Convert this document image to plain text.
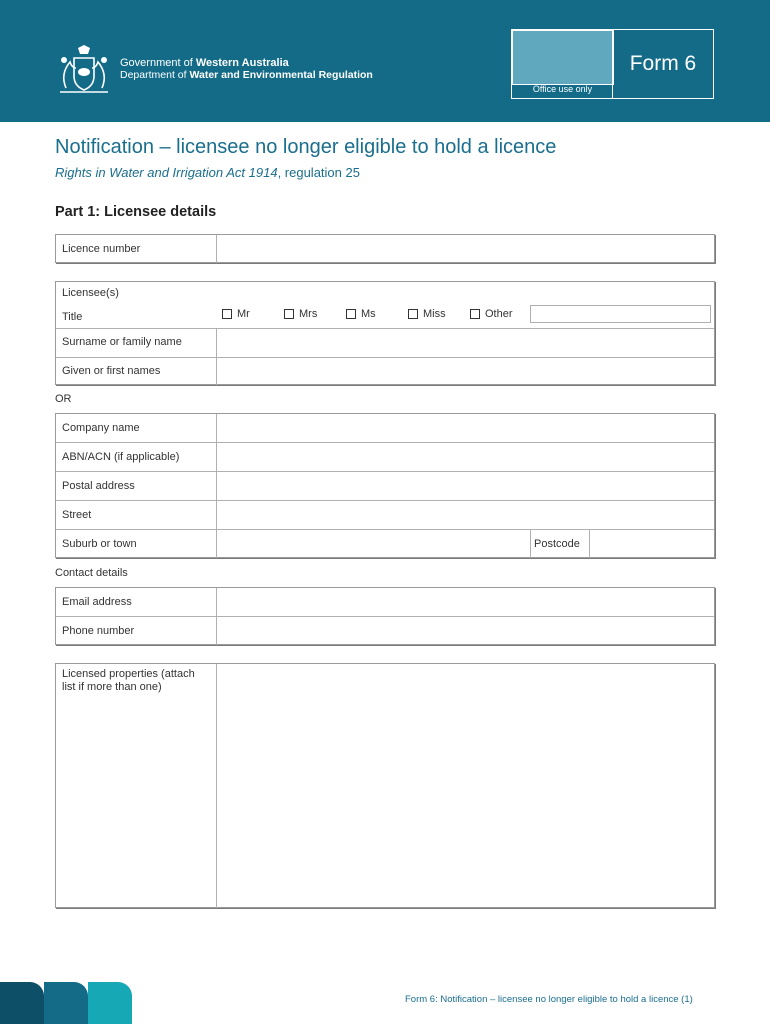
Government of Western Australia
Department of Water and Environmental Regulation
Office use only
Form 6
Notification – licensee no longer eligible to hold a licence
Rights in Water and Irrigation Act 1914, regulation 25
Part 1: Licensee details
Licence number
Licensee(s)
Title	Mr	Mrs	Ms	Miss	Other
Surname or family name
Given or first names
OR
Company name
ABN/ACN (if applicable)
Postal address
Street
Suburb or town	Postcode
Contact details
Email address
Phone number
Licensed properties (attach list if more than one)
Form 6: Notification – licensee no longer eligible to hold a licence (1)
